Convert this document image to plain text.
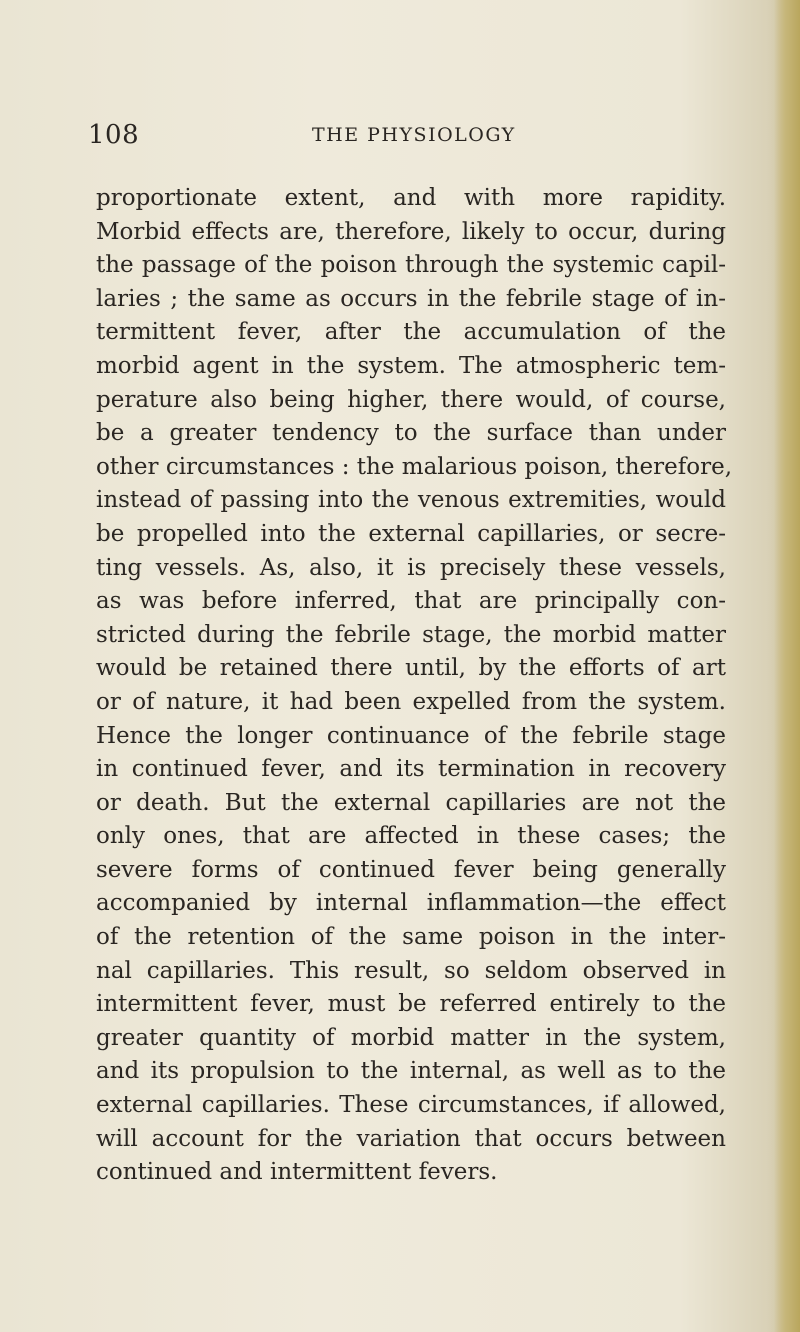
108	THE PHYSIOLOGY
proportionate extent, and with more rapidity.
Morbid effects are, therefore, likely to occur, during
the passage of the poison through the systemic capil-
laries ; the same as occurs in the febrile stage of in-
termittent fever, after the accumulation of the
morbid agent in the system. The atmospheric tem-
perature also being higher, there would, of course,
be a greater tendency to the surface than under
other circumstances : the malarious poison, therefore,
instead of passing into the venous extremities, would
be propelled into the external capillaries, or secre-
ting vessels. As, also, it is precisely these vessels,
as was before inferred, that are principally con-
stricted during the febrile stage, the morbid matter
would be retained there until, by the efforts of art
or of nature, it had been expelled from the system.
Hence the longer continuance of the febrile stage
in continued fever, and its termination in recovery
or death. But the external capillaries are not the
only ones, that are affected in these cases; the
severe forms of continued fever being generally
accompanied by internal inflammation—the effect
of the retention of the same poison in the inter-
nal capillaries. This result, so seldom observed in
intermittent fever, must be referred entirely to the
greater quantity of morbid matter in the system,
and its propulsion to the internal, as well as to the
external capillaries. These circumstances, if allowed,
will account for the variation that occurs between
continued and intermittent fevers.
